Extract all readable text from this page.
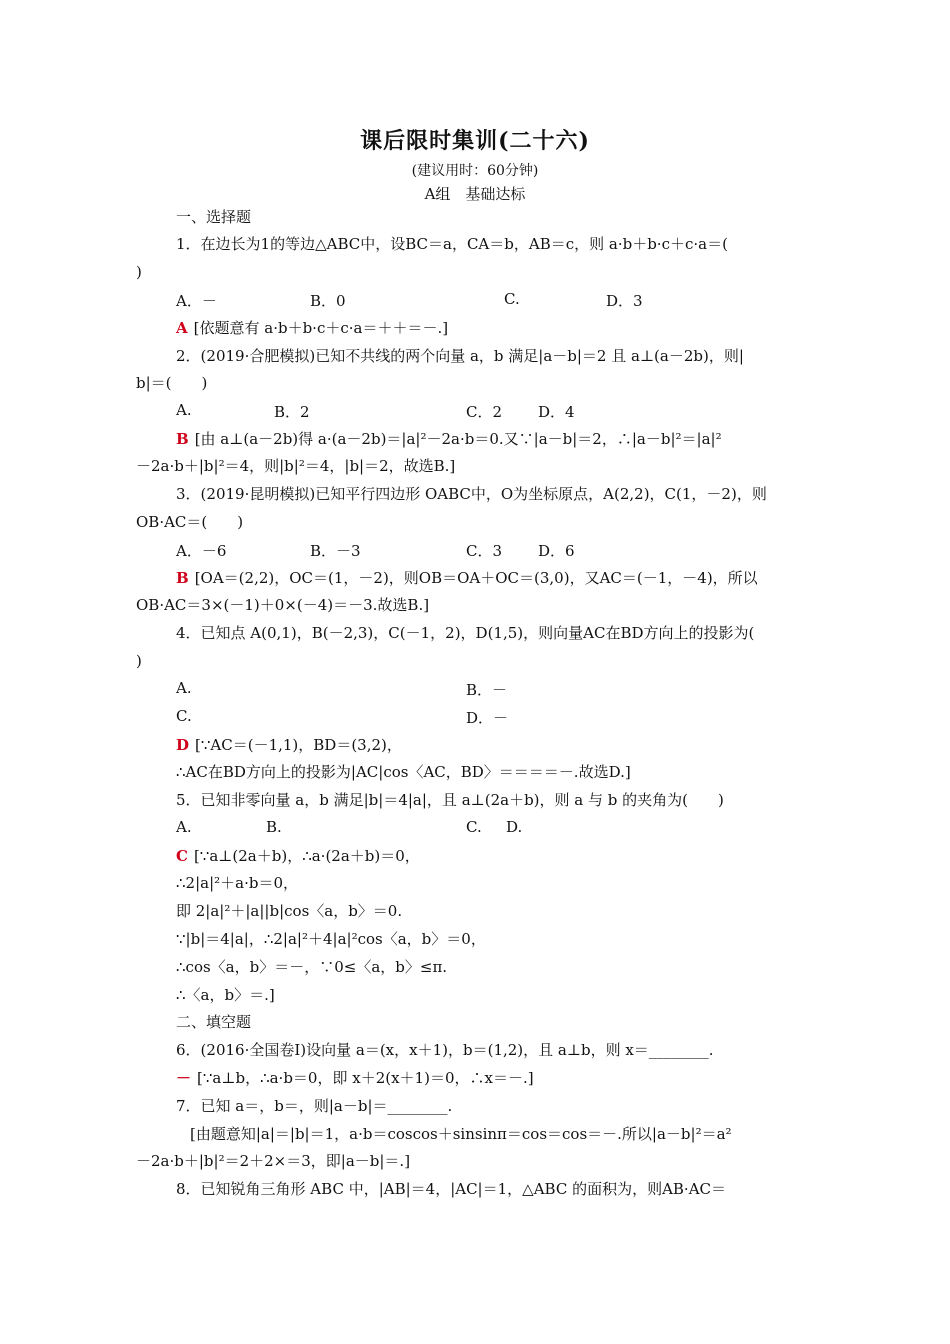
课后限时集训(二十六)
(建议用时：60分钟)
A组　基础达标
一、选择题
1．在边长为1的等边△ABC中，设BC＝a，CA＝b，AB＝c，则 a·b＋b·c＋c·a＝(
)
A．－	B．0	C.	D．3
A [依题意有 a·b＋b·c＋c·a＝＋＋＝－.]
2．(2019·合肥模拟)已知不共线的两个向量 a，b 满足|a－b|＝2 且 a⊥(a－2b)，则|
b|＝(　　)
A.	B．2	C．2 D．4
B [由 a⊥(a－2b)得 a·(a－2b)＝|a|²－2a·b＝0.又∵|a－b|＝2，∴|a－b|²＝|a|²
－2a·b＋|b|²＝4，则|b|²＝4，|b|＝2，故选B.]
3．(2019·昆明模拟)已知平行四边形 OABC中，O为坐标原点，A(2,2)，C(1，－2)，则
OB·AC＝(　　)
A．－6	B．－3	C．3 D．6
B [OA＝(2,2)，OC＝(1，－2)，则OB＝OA＋OC＝(3,0)，又AC＝(－1，－4)，所以
OB·AC＝3×(－1)＋0×(－4)＝－3.故选B.]
4．已知点 A(0,1)，B(－2,3)，C(－1，2)，D(1,5)，则向量AC在BD方向上的投影为(
)
A.	B．－
C.	D．－
D [∵AC＝(－1,1)，BD＝(3,2)，
∴AC在BD方向上的投影为|AC|cos〈AC，BD〉＝＝＝＝－.故选D.]
5．已知非零向量 a，b 满足|b|＝4|a|，且 a⊥(2a＋b)，则 a 与 b 的夹角为(　　)
A.	B.	C. D.
C [∵a⊥(2a＋b)，∴a·(2a＋b)＝0，
∴2|a|²＋a·b＝0，
即 2|a|²＋|a||b|cos〈a，b〉＝0.
∵|b|＝4|a|，∴2|a|²＋4|a|²cos〈a，b〉＝0，
∴cos〈a，b〉＝－，∵0≤〈a，b〉≤π.
∴〈a，b〉＝.]
二、填空题
6．(2016·全国卷Ⅰ)设向量 a＝(x，x＋1)，b＝(1,2)，且 a⊥b，则 x＝________.
－ [∵a⊥b，∴a·b＝0，即 x＋2(x＋1)＝0，∴x＝－.]
7．已知 a＝，b＝，则|a－b|＝________.
[由题意知|a|＝|b|＝1，a·b＝coscos＋sinsinπ＝cos＝cos＝－.所以|a－b|²＝a²
－2a·b＋|b|²＝2＋2×＝3，即|a－b|＝.]
8．已知锐角三角形 ABC 中，|AB|＝4，|AC|＝1，△ABC 的面积为，则AB·AC＝
